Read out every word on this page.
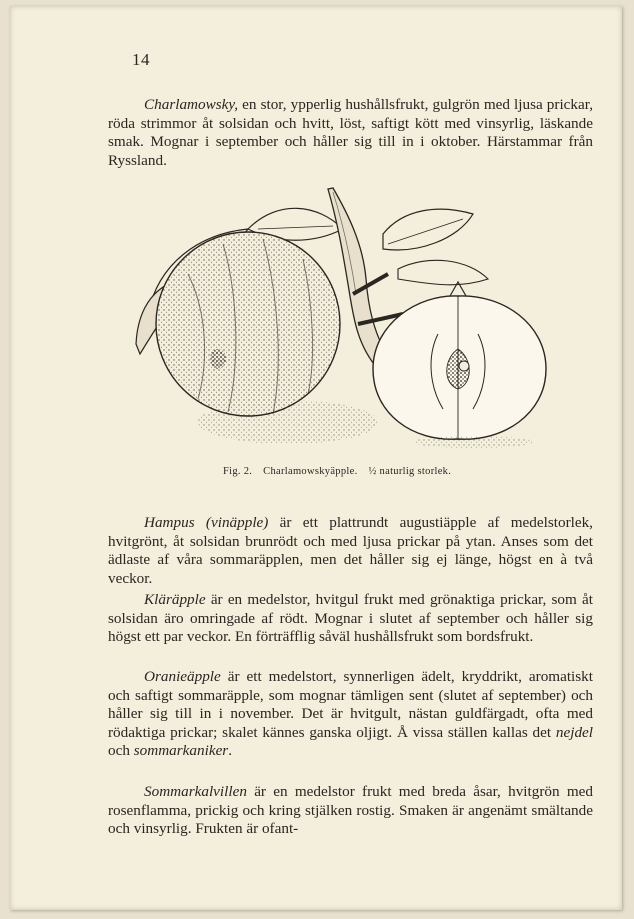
14

Charlamowsky, en stor, ypperlig hushållsfrukt, gulgrön med ljusa prickar, röda strimmor åt solsidan och hvitt, löst, saftigt kött med vinsyrlig, läskande smak. Mognar i september och håller sig till in i oktober. Härstammar från Ryssland.

Fig. 2. Charlamowskyäpple. ½ naturlig storlek.

Hampus (vinäpple) är ett plattrundt augustiäpple af medelstorlek, hvitgrönt, åt solsidan brunrödt och med ljusa prickar på ytan. Anses som det ädlaste af våra sommaräpplen, men det håller sig ej länge, högst en à två veckor.

Kläräpple är en medelstor, hvitgul frukt med grönaktiga prickar, som åt solsidan äro omringade af rödt. Mognar i slutet af september och håller sig högst ett par veckor. En förträfflig såväl hushållsfrukt som bordsfrukt.

Oranieäpple är ett medelstort, synnerligen ädelt, kryddrikt, aromatiskt och saftigt sommaräpple, som mognar tämligen sent (slutet af september) och håller sig till in i november. Det är hvitgult, nästan guldfärgadt, ofta med rödaktiga prickar; skalet kännes ganska oljigt. Å vissa ställen kallas det nejdel och sommarkaniker.

Sommarkalvillen är en medelstor frukt med breda åsar, hvitgrön med rosenflamma, prickig och kring stjälken rostig. Smaken är angenämt smältande och vinsyrlig. Frukten är ofant-
